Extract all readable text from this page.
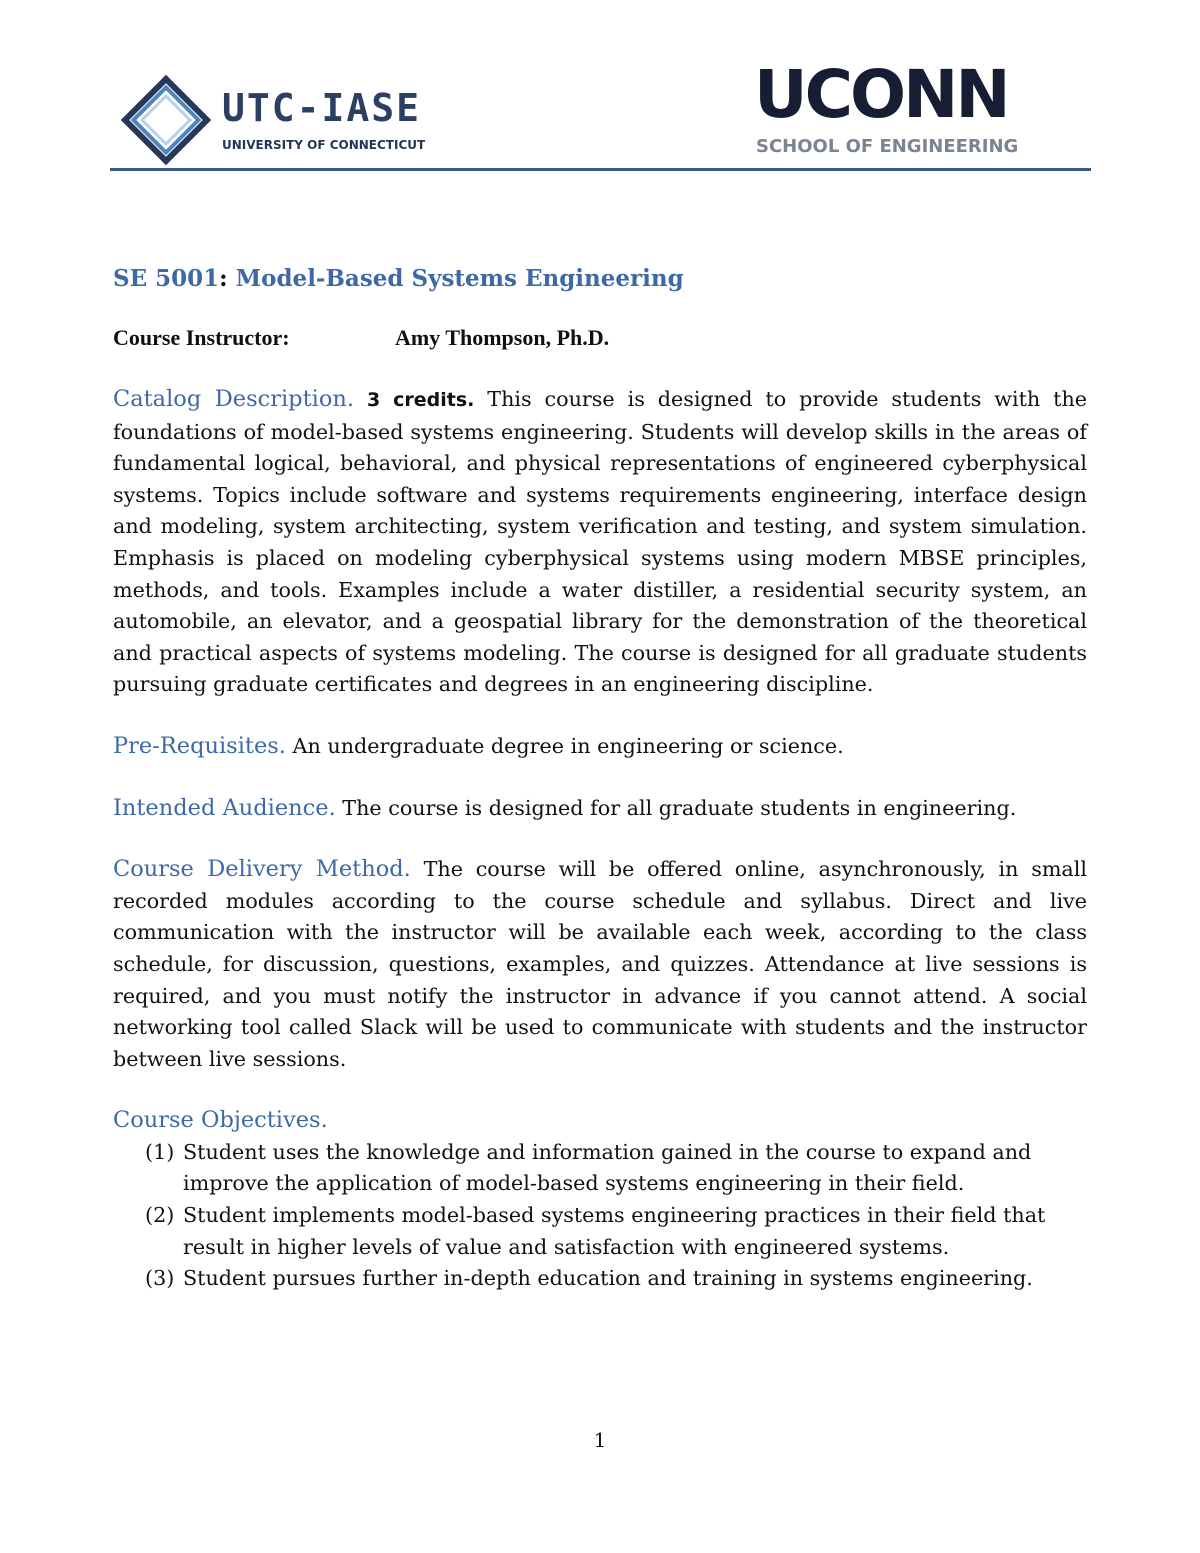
UTC-IASE
UNIVERSITY OF CONNECTICUT
UCONN
SCHOOL OF ENGINEERING
SE 5001: Model-Based Systems Engineering
Course Instructor:	Amy Thompson, Ph.D.

Catalog Description. 3 credits. This course is designed to provide students with the foundations of model-based systems engineering. Students will develop skills in the areas of fundamental logical, behavioral, and physical representations of engineered cyberphysical systems. Topics include software and systems requirements engineering, interface design and modeling, system architecting, system verification and testing, and system simulation. Emphasis is placed on modeling cyberphysical systems using modern MBSE principles, methods, and tools. Examples include a water distiller, a residential security system, an automobile, an elevator, and a geospatial library for the demonstration of the theoretical and practical aspects of systems modeling. The course is designed for all graduate students pursuing graduate certificates and degrees in an engineering discipline.

Pre-Requisites. An undergraduate degree in engineering or science.

Intended Audience. The course is designed for all graduate students in engineering.

Course Delivery Method. The course will be offered online, asynchronously, in small recorded modules according to the course schedule and syllabus. Direct and live communication with the instructor will be available each week, according to the class schedule, for discussion, questions, examples, and quizzes. Attendance at live sessions is required, and you must notify the instructor in advance if you cannot attend. A social networking tool called Slack will be used to communicate with students and the instructor between live sessions.

Course Objectives.
(1) Student uses the knowledge and information gained in the course to expand and improve the application of model-based systems engineering in their field.
(2) Student implements model-based systems engineering practices in their field that result in higher levels of value and satisfaction with engineered systems.
(3) Student pursues further in-depth education and training in systems engineering.
1
